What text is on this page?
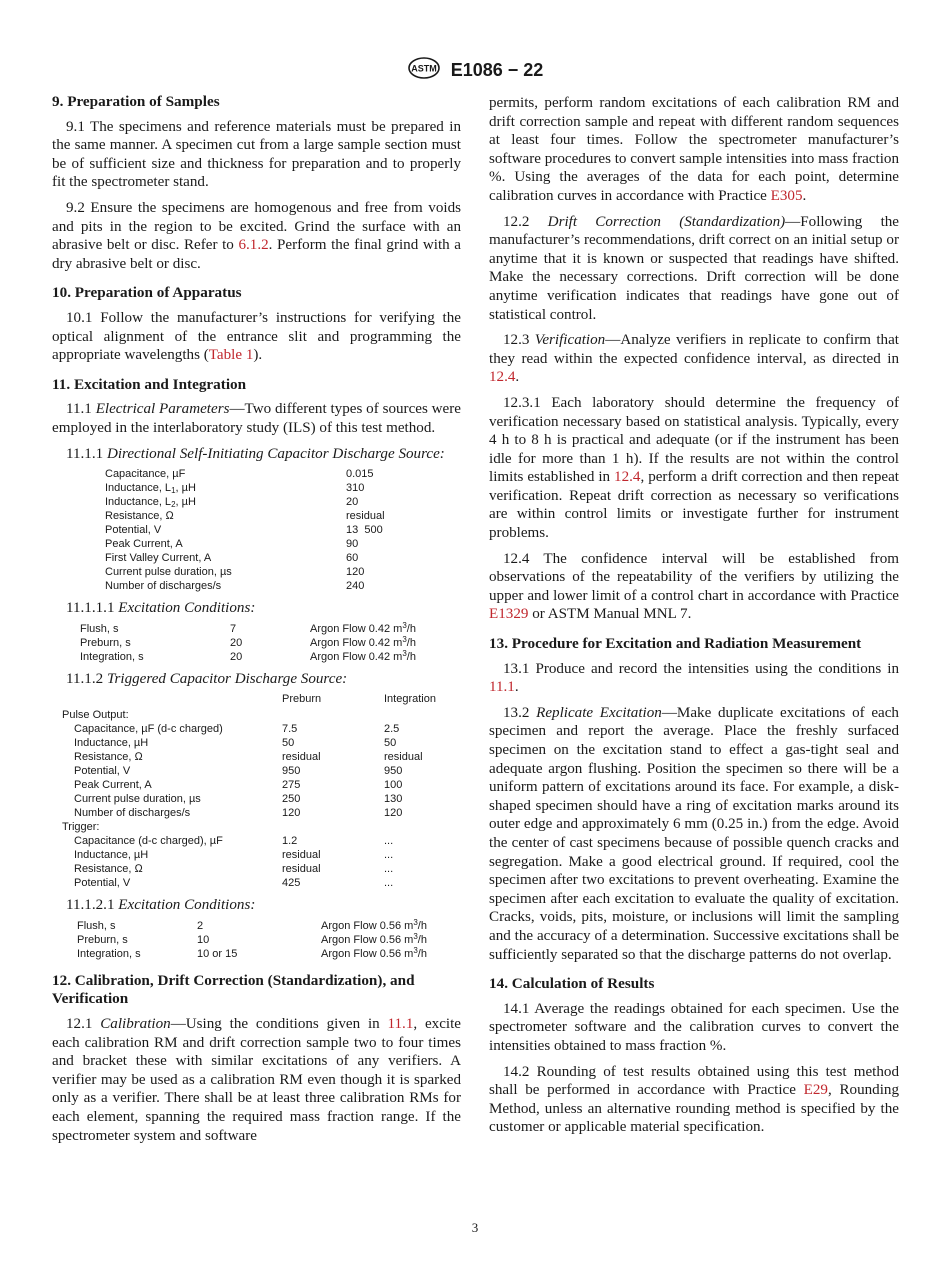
ASTM E1086 − 22
9. Preparation of Samples

9.1 The specimens and reference materials must be prepared in the same manner. A specimen cut from a large sample section must be of sufficient size and thickness for preparation and to properly fit the spectrometer stand.

9.2 Ensure the specimens are homogenous and free from voids and pits in the region to be excited. Grind the surface with an abrasive belt or disc. Refer to 6.1.2. Perform the final grind with a dry abrasive belt or disc.

10. Preparation of Apparatus

10.1 Follow the manufacturer’s instructions for verifying the optical alignment of the entrance slit and programming the appropriate wavelengths (Table 1).

11. Excitation and Integration

11.1 Electrical Parameters—Two different types of sources were employed in the interlaboratory study (ILS) of this test method.

11.1.1 Directional Self-Initiating Capacitor Discharge Source:

Capacitance, µF	0.015
Inductance, $L_1$, µH	310
Inductance, $L_2$, µH	20
Resistance, Ω	residual
Potential, V	13  500
Peak Current, A	90
First Valley Current, A	60
Current pulse duration, µs	120
Number of discharges/s	240

11.1.1.1 Excitation Conditions:

Flush, s	7	Argon Flow 0.42 $m^3/h$
Preburn, s	20	Argon Flow 0.42 $m^3/h$
Integration, s	20	Argon Flow 0.42 $m^3/h$

11.1.2 Triggered Capacitor Discharge Source:

	Preburn	Integration

Pulse Output:		
Capacitance, µF (d-c charged)	7.5	2.5
Inductance, µH	50	50
Resistance, Ω	residual	residual
Potential, V	950	950
Peak Current, A	275	100
Current pulse duration, µs	250	130
Number of discharges/s	120	120
Trigger:		
Capacitance (d-c charged), µF	1.2	...
Inductance, µH	residual	...
Resistance, Ω	residual	...
Potential, V	425	...

11.1.2.1 Excitation Conditions:

Flush, s	2	Argon Flow 0.56 $m^3/h$
Preburn, s	10	Argon Flow 0.56 $m^3/h$
Integration, s	10 or 15	Argon Flow 0.56 $m^3/h$
12. Calibration, Drift Correction (Standardization), and Verification

12.1 Calibration—Using the conditions given in 11.1, excite each calibration RM and drift correction sample two to four times and bracket these with similar excitations of any verifiers. A verifier may be used as a calibration RM even though it is sparked only as a verifier. There shall be at least three calibration RMs for each element, spanning the required mass fraction range. If the spectrometer system and software

permits, perform random excitations of each calibration RM and drift correction sample and repeat with different random sequences at least four times. Follow the spectrometer manufacturer’s software procedures to convert sample intensities into mass fraction %. Using the averages of the data for each point, determine calibration curves in accordance with Practice E305.

12.2 Drift Correction (Standardization)—Following the manufacturer’s recommendations, drift correct on an initial setup or anytime that it is known or suspected that readings have shifted. Make the necessary corrections. Drift correction will be done anytime verification indicates that readings have gone out of statistical control.

12.3 Verification—Analyze verifiers in replicate to confirm that they read within the expected confidence interval, as directed in 12.4.

12.3.1 Each laboratory should determine the frequency of verification necessary based on statistical analysis. Typically, every 4 h to 8 h is practical and adequate (or if the instrument has been idle for more than 1 h). If the results are not within the control limits established in 12.4, perform a drift correction and then repeat verification. Repeat drift correction as necessary so verifications are within control limits or investigate further for instrument problems.

12.4 The confidence interval will be established from observations of the repeatability of the verifiers by utilizing the upper and lower limit of a control chart in accordance with Practice E1329 or ASTM Manual MNL 7.

13. Procedure for Excitation and Radiation Measurement

13.1 Produce and record the intensities using the conditions in 11.1.

13.2 Replicate Excitation—Make duplicate excitations of each specimen and report the average. Place the freshly surfaced specimen on the excitation stand to effect a gas-tight seal and adequate argon flushing. Position the specimen so there will be a uniform pattern of excitations around its face. For example, a disk-shaped specimen should have a ring of excitation marks around its outer edge and approximately 6 mm (0.25 in.) from the edge. Avoid the center of cast specimens because of possible quench cracks and segregation. Make a good electrical ground. If required, cool the specimen after two excitations to prevent overheating. Examine the specimen after each excitation to evaluate the quality of excitation. Cracks, voids, pits, moisture, or inclusions will limit the sampling and the accuracy of a determination. Successive excitations shall be sufficiently separated so that the discharge patterns do not overlap.

14. Calculation of Results

14.1 Average the readings obtained for each specimen. Use the spectrometer software and the calibration curves to convert the intensities obtained to mass fraction %.

14.2 Rounding of test results obtained using this test method shall be performed in accordance with Practice E29, Rounding Method, unless an alternative rounding method is specified by the customer or applicable material specification.

3
